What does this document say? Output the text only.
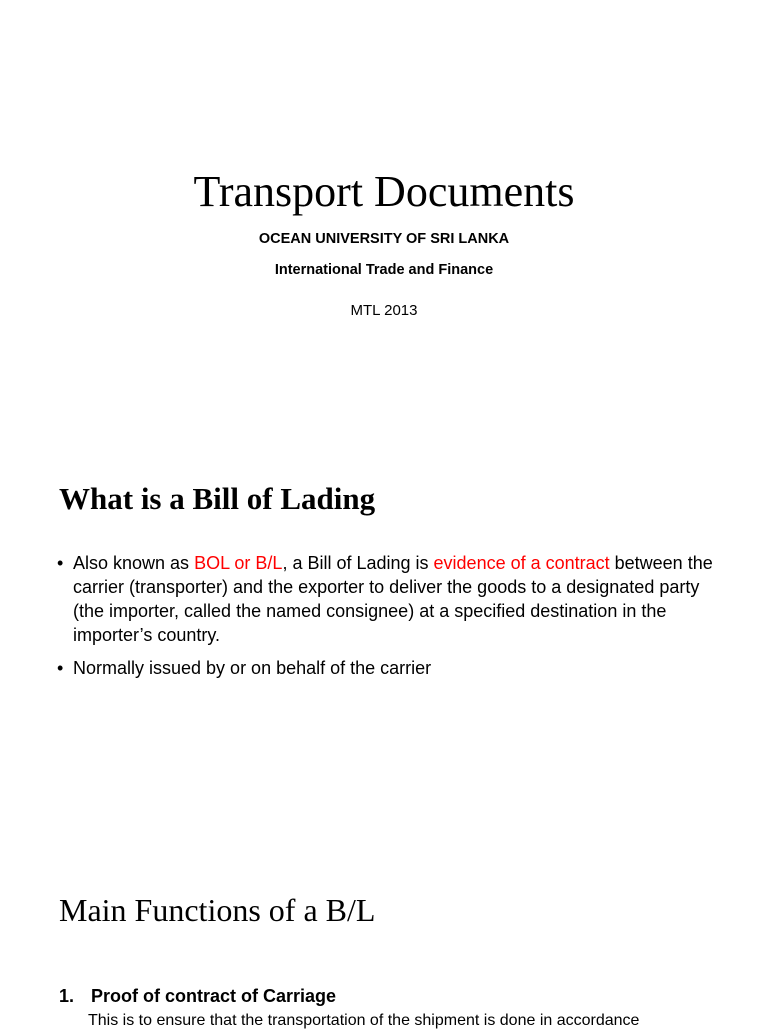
Transport Documents
OCEAN UNIVERSITY OF SRI LANKA
International Trade and Finance
MTL 2013
What is a Bill of Lading
• Also known as BOL or B/L, a Bill of Lading is evidence of a contract between the carrier (transporter) and the exporter to deliver the goods to a designated party (the importer, called the named consignee) at a specified destination in the importer’s country.
• Normally issued by or on behalf of the carrier
Main Functions of a B/L
1. Proof of contract of Carriage
This is to ensure that the transportation of the shipment is done in accordance
